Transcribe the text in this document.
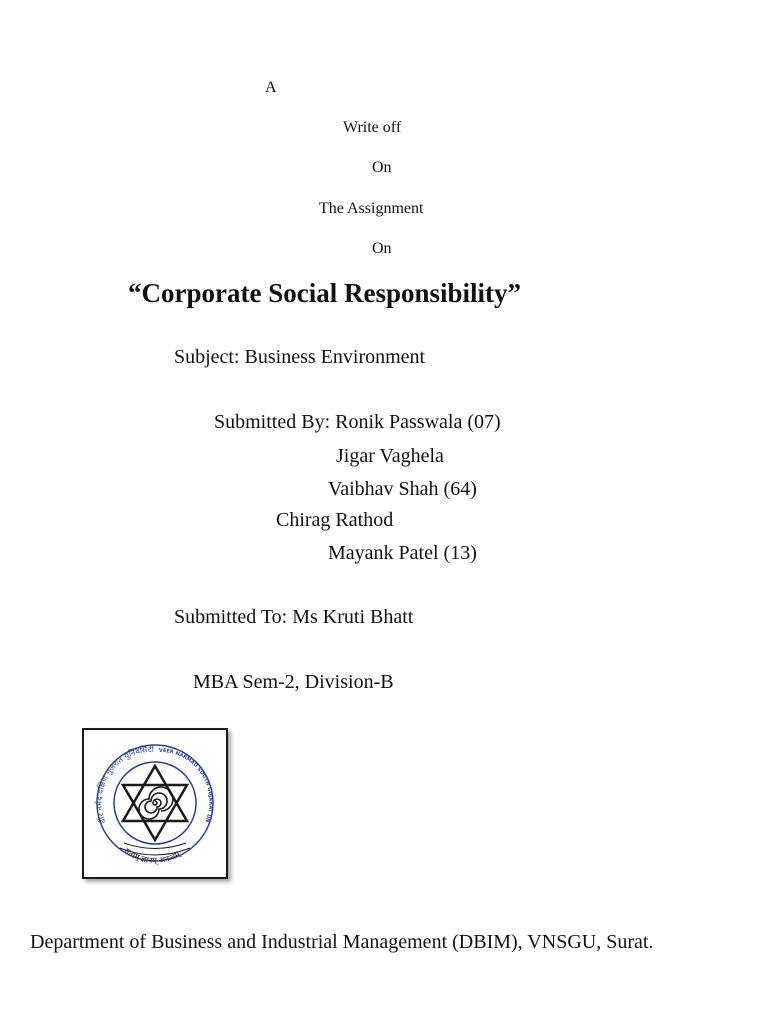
A
Write off
On
The Assignment
On
“Corporate Social Responsibility”
Subject: Business Environment
Submitted By: Ronik Passwala (07)
Jigar Vaghela
Vaibhav Shah (64)
Chirag Rathod
Mayank Patel (13)
Submitted To: Ms Kruti Bhatt
MBA Sem-2, Division-B
वीर नर्मद दक्षिण गुजरात युनिवर्सिटी VEER NARMAD SOUTH GUJARAT UN
सत्यम् ज्ञानम् अनन्तम्
Department of Business and Industrial Management (DBIM), VNSGU, Surat.
